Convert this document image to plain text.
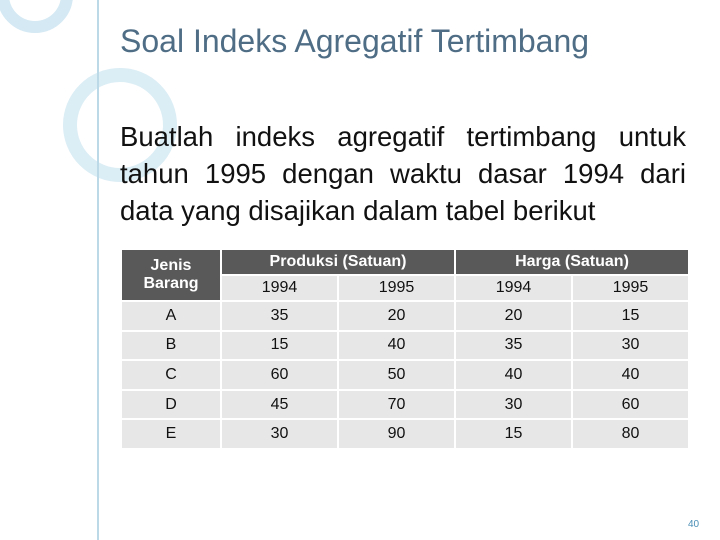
Soal Indeks Agregatif Tertimbang

Buatlah indeks agregatif tertimbang untuk tahun 1995 dengan waktu dasar 1994 dari data yang disajikan dalam tabel berikut

Jenis Barang	Produksi (Satuan)		Harga (Satuan)	
	1994	1995	1994	1995
A	35	20	20	15
B	15	40	35	30
C	60	50	40	40
D	45	70	30	60
E	30	90	15	80
40
